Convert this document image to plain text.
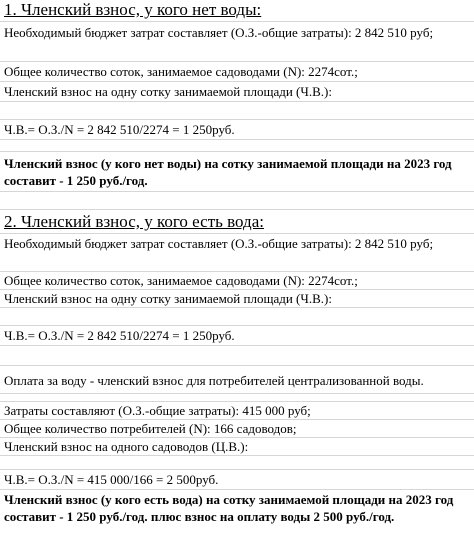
1. Членский взнос, у кого нет воды:
Необходимый бюджет затрат составляет (О.З.-общие затраты): 2 842 510 руб;
Общее количество соток, занимаемое садоводами (N): 2274сот.;
Членский взнос на одну сотку занимаемой площади (Ч.В.):
Ч.В.= О.З./N = 2 842 510/2274 = 1 250руб.
Членский взнос (у кого нет воды) на сотку занимаемой площади на 2023 год составит - 1 250 руб./год.
2. Членский взнос, у кого есть вода:
Необходимый бюджет затрат составляет (О.З.-общие затраты): 2 842 510 руб;
Общее количество соток, занимаемое садоводами (N): 2274сот.;
Членский взнос на одну сотку занимаемой площади (Ч.В.):
Ч.В.= О.З./N = 2 842 510/2274 = 1 250руб.
Оплата за воду - членский взнос для потребителей централизованной воды.
Затраты составляют (О.З.-общие затраты): 415 000 руб;
Общее количество потребителей (N): 166 садоводов;
Членский взнос на одного садоводов (Ц.В.):
Ч.В.= О.З./N = 415 000/166 = 2 500руб.
Членский взнос (у кого есть вода) на сотку занимаемой площади на 2023 год составит - 1 250 руб./год. плюс взнос на оплату воды 2 500 руб./год.
